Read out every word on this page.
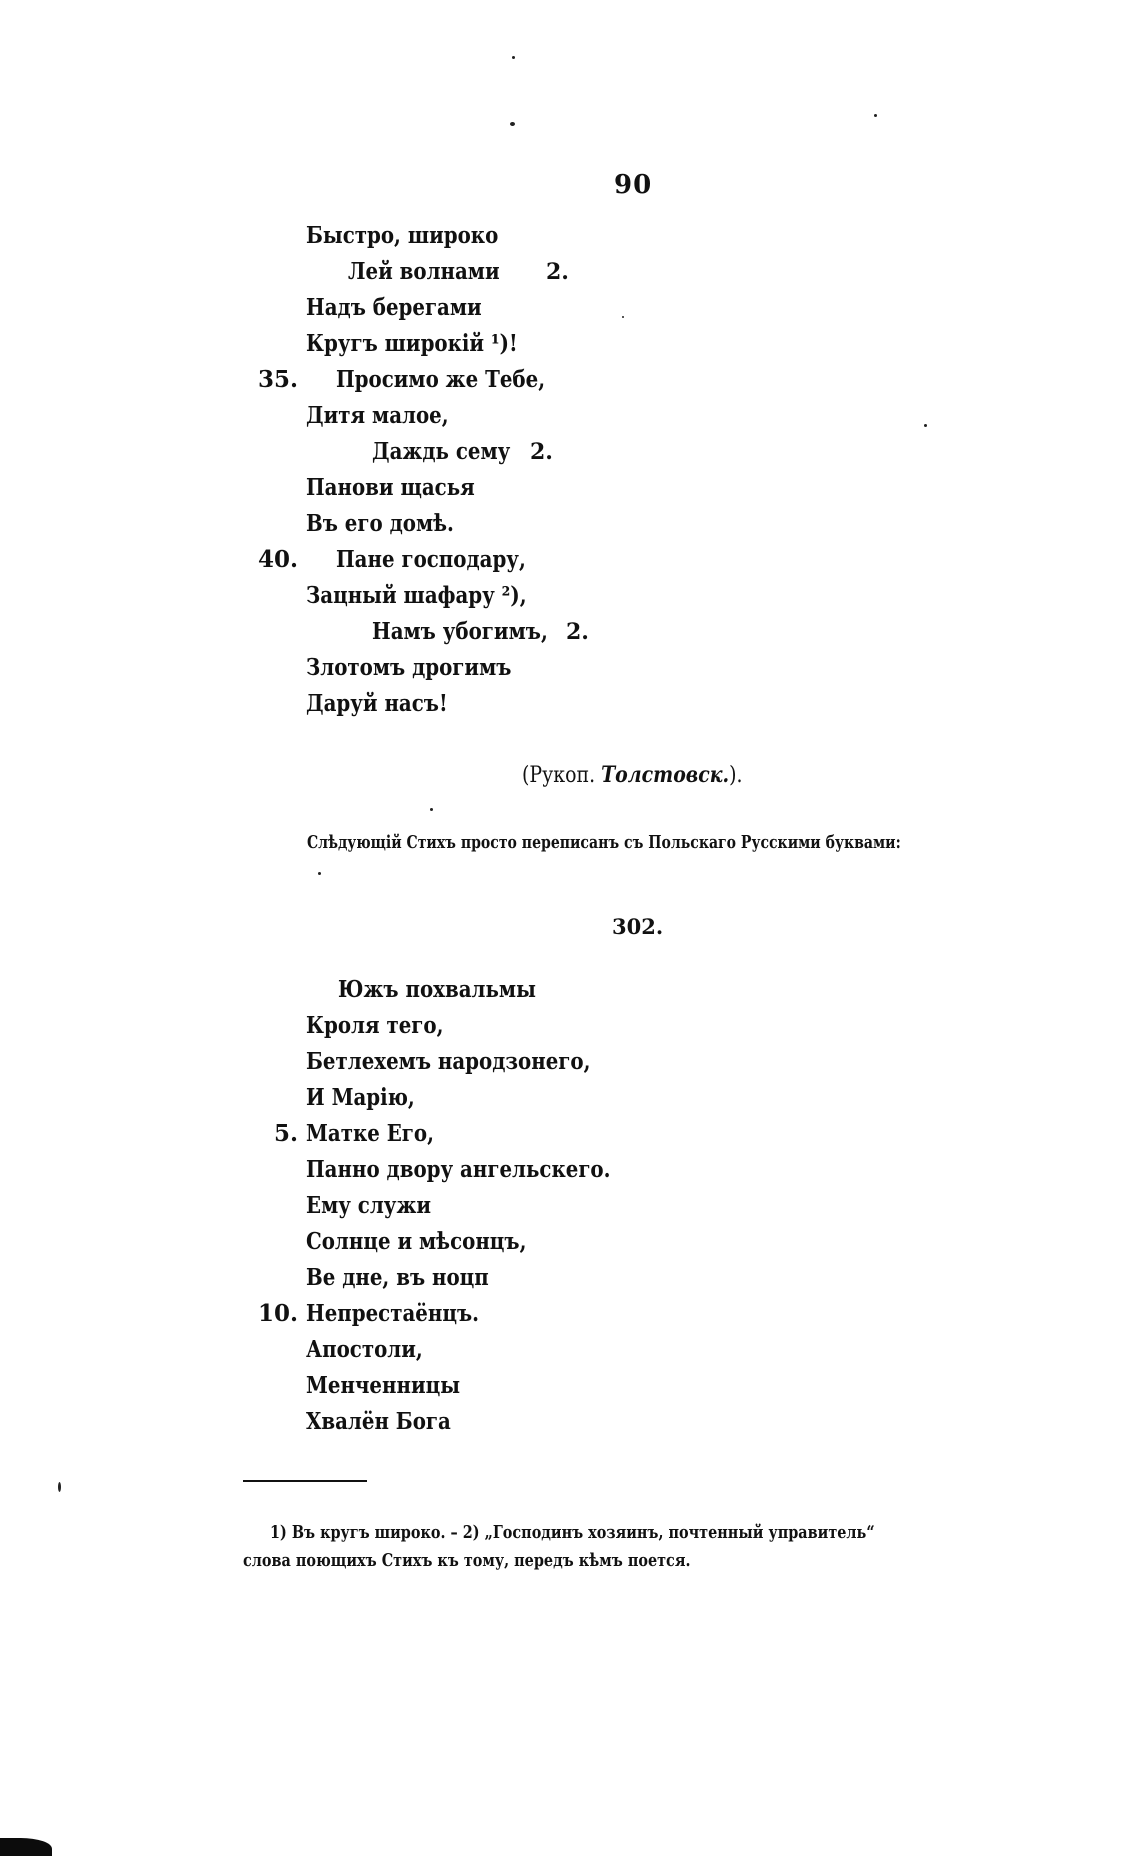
90
Быстро, широко
Лей волнами 2.
Надъ берегами
Кругъ широкій ¹)!
35. Просимо же Тебе,
Дитя малое,
Дaждь сему 2.
Панови щасья
Въ его домѣ.
40. Пане господару,
Зацный шафару ²),
Намъ убогимъ, 2.
Злотомъ дрогимъ
Даруй насъ!
(Рукоп. Толстовск.).
Слѣдующій Стихъ просто переписанъ съ Польскаго Русскими буквами:
302.
Южъ похвальмы
Кроля тего,
Бетлехемъ народзонего,
И Марію,
5. Матке Его,
Панно двору ангельскего.
Ему служи
Солнце и мѣсонцъ,
Ве дне, въ ноцп
10. Непрестаёнцъ.
Апостоли,
Менченницы
Хвалён Бога
1) Въ кругъ широко. – 2) „Господинъ хозяинъ, почтенный управитель“
слова поющихъ Стихъ къ тому, передъ кѣмъ поется.
